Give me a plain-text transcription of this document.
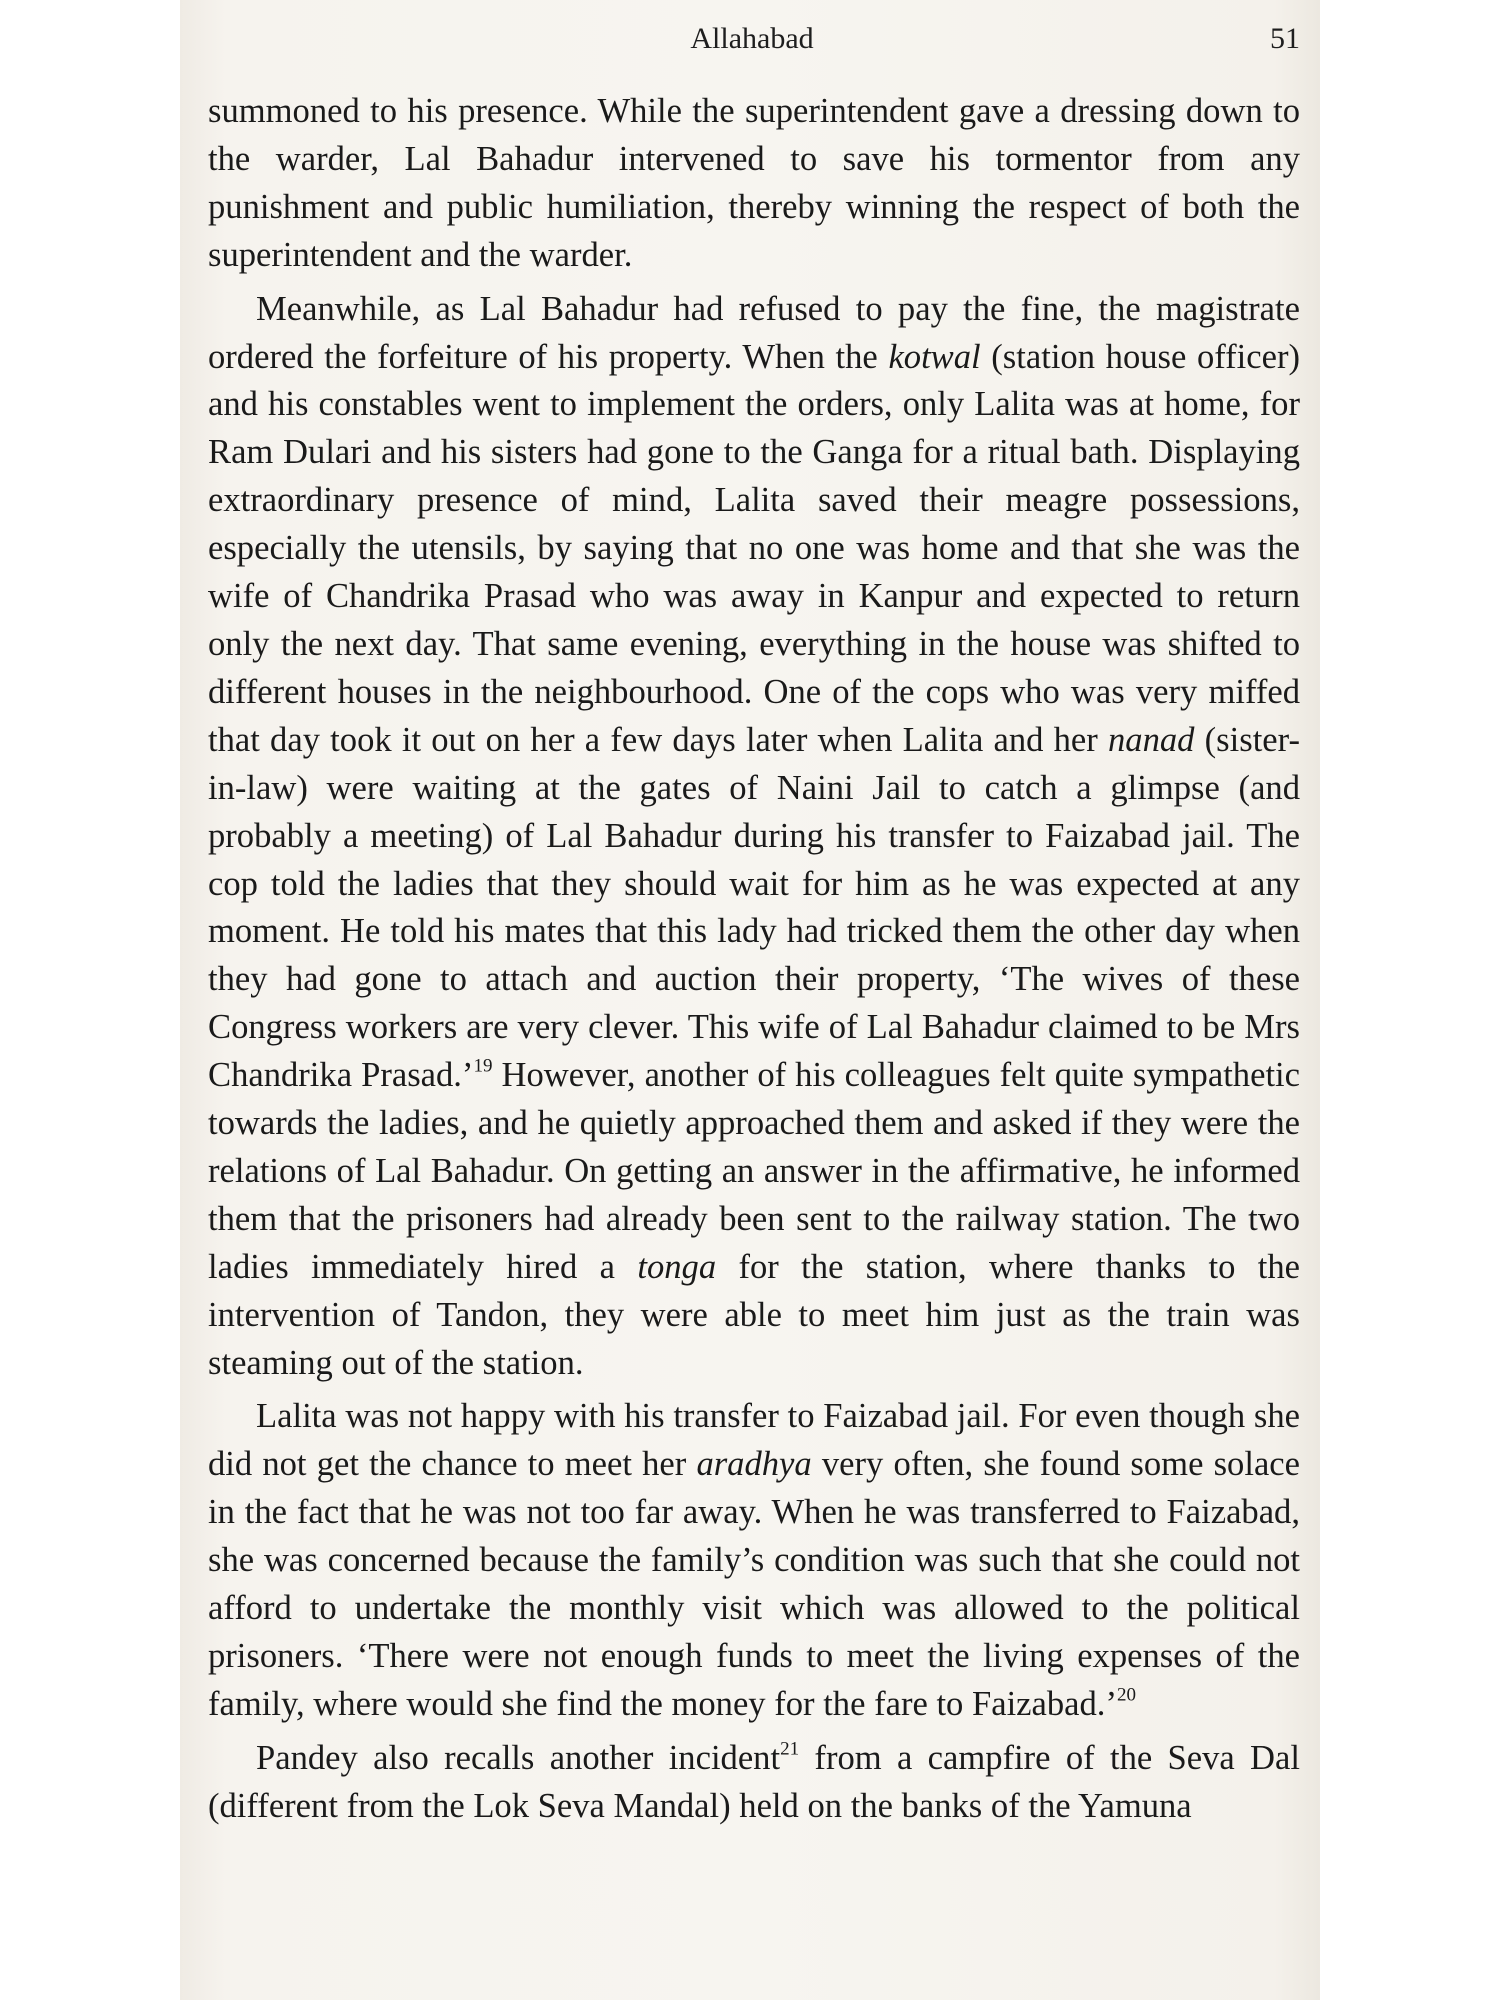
Allahabad	51

summoned to his presence. While the superintendent gave a dressing down to the warder, Lal Bahadur intervened to save his tormentor from any punishment and public humiliation, thereby winning the respect of both the superintendent and the warder.

Meanwhile, as Lal Bahadur had refused to pay the fine, the magistrate ordered the forfeiture of his property. When the kotwal (station house officer) and his constables went to implement the orders, only Lalita was at home, for Ram Dulari and his sisters had gone to the Ganga for a ritual bath. Displaying extraordinary presence of mind, Lalita saved their meagre possessions, especially the utensils, by saying that no one was home and that she was the wife of Chandrika Prasad who was away in Kanpur and expected to return only the next day. That same evening, everything in the house was shifted to different houses in the neighbourhood. One of the cops who was very miffed that day took it out on her a few days later when Lalita and her nanad (sister-in-law) were waiting at the gates of Naini Jail to catch a glimpse (and probably a meeting) of Lal Bahadur during his transfer to Faizabad jail. The cop told the ladies that they should wait for him as he was expected at any moment. He told his mates that this lady had tricked them the other day when they had gone to attach and auction their property, ‘The wives of these Congress workers are very clever. This wife of Lal Bahadur claimed to be Mrs Chandrika Prasad.’$^{19}$ However, another of his colleagues felt quite sympathetic towards the ladies, and he quietly approached them and asked if they were the relations of Lal Bahadur. On getting an answer in the affirmative, he informed them that the prisoners had already been sent to the railway station. The two ladies immediately hired a tonga for the station, where thanks to the intervention of Tandon, they were able to meet him just as the train was steaming out of the station.

Lalita was not happy with his transfer to Faizabad jail. For even though she did not get the chance to meet her aradhya very often, she found some solace in the fact that he was not too far away. When he was transferred to Faizabad, she was concerned because the family’s condition was such that she could not afford to undertake the monthly visit which was allowed to the political prisoners. ‘There were not enough funds to meet the living expenses of the family, where would she find the money for the fare to Faizabad.’$^{20}$

Pandey also recalls another incident$^{21}$ from a campfire of the Seva Dal (different from the Lok Seva Mandal) held on the banks of the Yamuna
